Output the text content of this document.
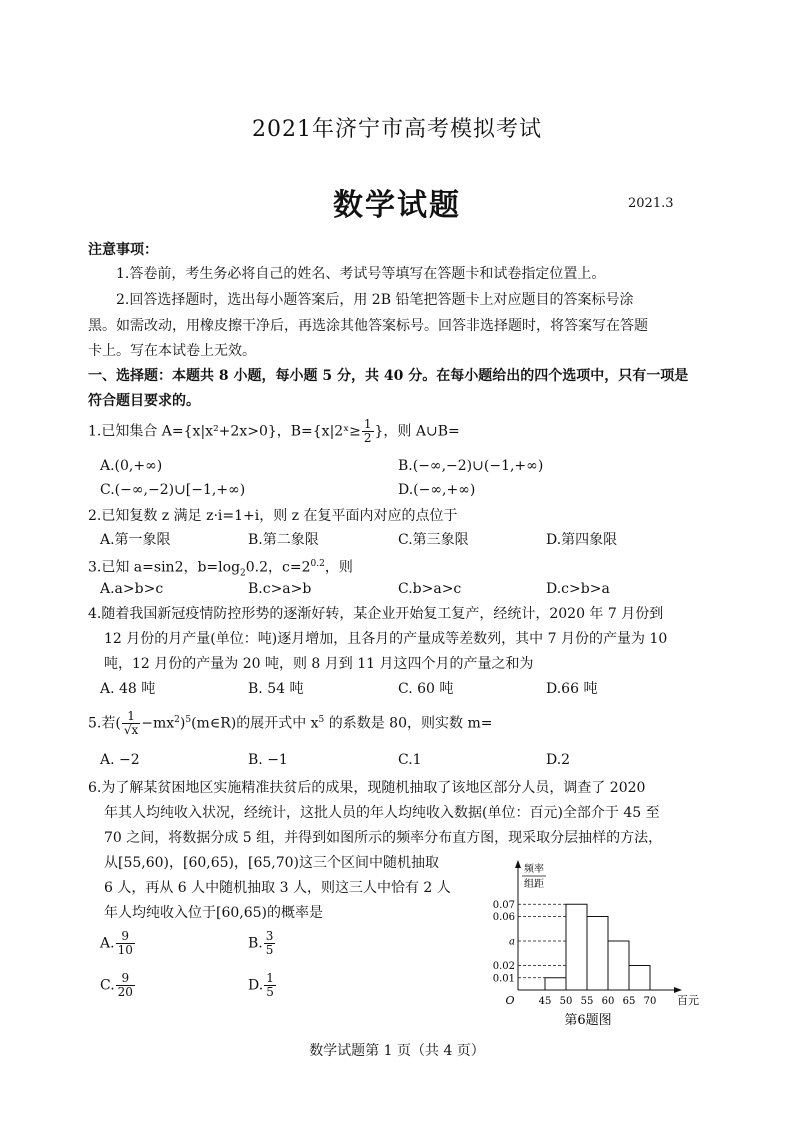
2021年济宁市高考模拟考试
数学试题	2021.3
注意事项：
1.答卷前，考生务必将自己的姓名、考试号等填写在答题卡和试卷指定位置上。
2.回答选择题时，选出每小题答案后，用 2B 铅笔把答题卡上对应题目的答案标号涂
黑。如需改动，用橡皮擦干净后，再选涂其他答案标号。回答非选择题时，将答案写在答题
卡上。写在本试卷上无效。
一、选择题：本题共 8 小题，每小题 5 分，共 40 分。在每小题给出的四个选项中，只有一项是
符合题目要求的。
1.已知集合 A={x|x²+2x>0}，B={x|2ˣ≥ $\frac{1}{2}$ }，则 A∪B=
A.(0,+∞)	B.(−∞,−2)∪(−1,+∞)
C.(−∞,−2)∪[−1,+∞)	D.(−∞,+∞)
2.已知复数 z 满足 z·i=1+i，则 z 在复平面内对应的点位于
A.第一象限	B.第二象限	C.第三象限	D.第四象限
3.已知 a=sin2，$b=\log_20.2$，$c=2^{0.2}$，则
A.a>b>c	B.c>a>b	C.b>a>c	D.c>b>a
4.随着我国新冠疫情防控形势的逐渐好转，某企业开始复工复产，经统计，2020 年 7 月份到
12 月份的月产量(单位：吨)逐月增加，且各月的产量成等差数列，其中 7 月份的产量为 10
吨，12 月份的产量为 20 吨，则 8 月到 11 月这四个月的产量之和为
A. 48 吨	B. 54 吨	C. 60 吨	D.66 吨
5.若( $\frac{1}{√x}$ $-mx^2)^5(m\in R)$的展开式中 $x^5$ 的系数是 80，则实数 m=
A. −2	B. −1	C.1	D.2
6.为了解某贫困地区实施精准扶贫后的成果，现随机抽取了该地区部分人员，调查了 2020
年其人均纯收入状况，经统计，这批人员的年人均纯收入数据(单位：百元)全部介于 45 至
70 之间，将数据分成 5 组，并得到如图所示的频率分布直方图，现采取分层抽样的方法，
从[55,60)，[60,65)，[65,70)这三个区间中随机抽取
6 人，再从 6 人中随机抽取 3 人，则这三人中恰有 2 人
年人均纯收入位于[60,65)的概率是
A. $\frac{9}{10}$	B. $\frac{3}{5}$
C. $\frac{9}{20}$	D. $\frac{1}{5}$
0.07
0.06
a
0.02
0.01
45 50 55 60 65 70
O	百元
频率
组距
第6题图
数学试题第 1 页（共 4 页）
